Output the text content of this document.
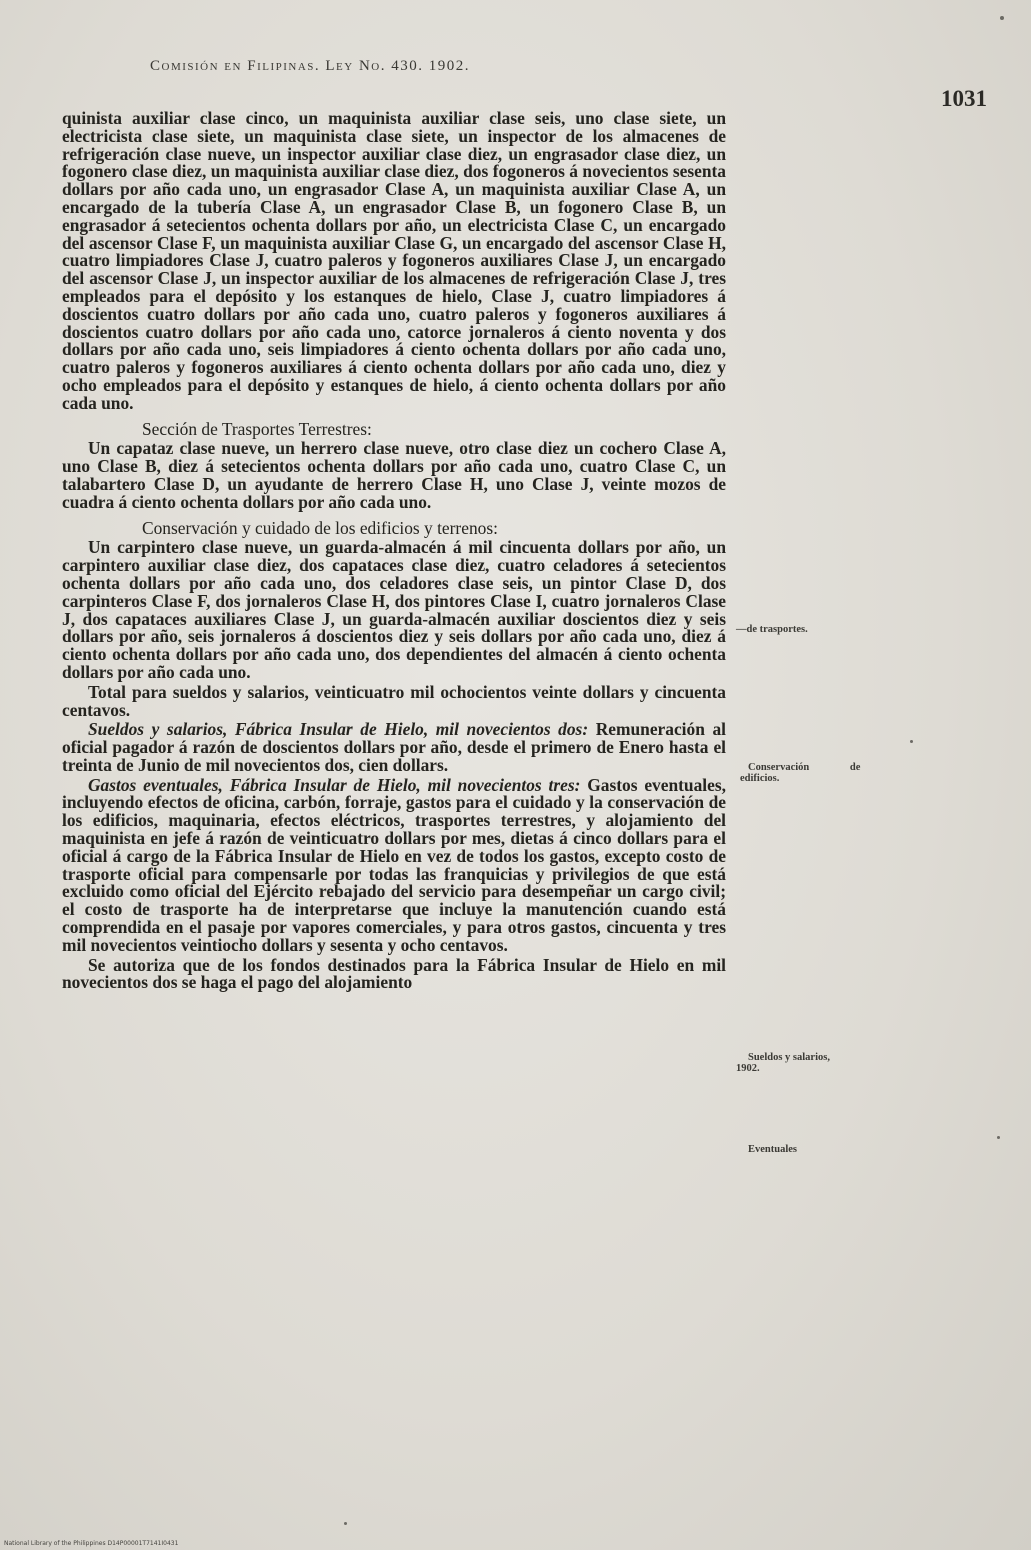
Comisión en Filipinas. Ley No. 430. 1902.
1031

quinista auxiliar clase cinco, un maquinista auxiliar clase seis, uno clase siete, un electricista clase siete, un maquinista clase siete, un inspector de los almacenes de refrigeración clase nueve, un inspector auxiliar clase diez, un engrasador clase diez, un fogonero clase diez, un maquinista auxiliar clase diez, dos fogoneros á novecientos sesenta dollars por año cada uno, un engrasador Clase A, un maquinista auxiliar Clase A, un encargado de la tubería Clase A, un engrasador Clase B, un fogonero Clase B, un engrasador á setecientos ochenta dollars por año, un electricista Clase C, un encargado del ascensor Clase F, un maquinista auxiliar Clase G, un encargado del ascensor Clase H, cuatro limpiadores Clase J, cuatro paleros y fogoneros auxiliares Clase J, un encargado del ascensor Clase J, un inspector auxiliar de los almacenes de refrigeración Clase J, tres empleados para el depósito y los estanques de hielo, Clase J, cuatro limpiadores á doscientos cuatro dollars por año cada uno, cuatro paleros y fogoneros auxiliares á doscientos cuatro dollars por año cada uno, catorce jornaleros á ciento noventa y dos dollars por año cada uno, seis limpiadores á ciento ochenta dollars por año cada uno, cuatro paleros y fogoneros auxiliares á ciento ochenta dollars por año cada uno, diez y ocho empleados para el depósito y estanques de hielo, á ciento ochenta dollars por año cada uno.

Sección de Trasportes Terrestres:

Un capataz clase nueve, un herrero clase nueve, otro clase diez un cochero Clase A, uno Clase B, diez á setecientos ochenta dollars por año cada uno, cuatro Clase C, un talabartero Clase D, un ayudante de herrero Clase H, uno Clase J, veinte mozos de cuadra á ciento ochenta dollars por año cada uno.

Conservación y cuidado de los edificios y terrenos:

Un carpintero clase nueve, un guarda-almacén á mil cincuenta dollars por año, un carpintero auxiliar clase diez, dos capataces clase diez, cuatro celadores á setecientos ochenta dollars por año cada uno, dos celadores clase seis, un pintor Clase D, dos carpinteros Clase F, dos jornaleros Clase H, dos pintores Clase I, cuatro jornaleros Clase J, dos capataces auxiliares Clase J, un guarda-almacén auxiliar doscientos diez y seis dollars por año, seis jornaleros á doscientos diez y seis dollars por año cada uno, diez á ciento ochenta dollars por año cada uno, dos dependientes del almacén á ciento ochenta dollars por año cada uno.

Total para sueldos y salarios, veinticuatro mil ochocientos veinte dollars y cincuenta centavos.

Sueldos y salarios, Fábrica Insular de Hielo, mil novecientos dos: Remuneración al oficial pagador á razón de doscientos dollars por año, desde el primero de Enero hasta el treinta de Junio de mil novecientos dos, cien dollars.

Gastos eventuales, Fábrica Insular de Hielo, mil novecientos tres: Gastos eventuales, incluyendo efectos de oficina, carbón, forraje, gastos para el cuidado y la conservación de los edificios, maquinaria, efectos eléctricos, trasportes terrestres, y alojamiento del maquinista en jefe á razón de veinticuatro dollars por mes, dietas á cinco dollars para el oficial á cargo de la Fábrica Insular de Hielo en vez de todos los gastos, excepto costo de trasporte oficial para compensarle por todas las franquicias y privilegios de que está excluido como oficial del Ejército rebajado del servicio para desempeñar un cargo civil; el costo de trasporte ha de interpretarse que incluye la manutención cuando está comprendida en el pasaje por vapores comerciales, y para otros gastos, cincuenta y tres mil novecientos veintiocho dollars y sesenta y ocho centavos.

Se autoriza que de los fondos destinados para la Fábrica Insular de Hielo en mil novecientos dos se haga el pago del alojamiento

—de trasportes.
Conservación de
edificios.
Sueldos y salarios,
1902.
Eventuales
National Library of the Philippines D14P00001T7141I0431
